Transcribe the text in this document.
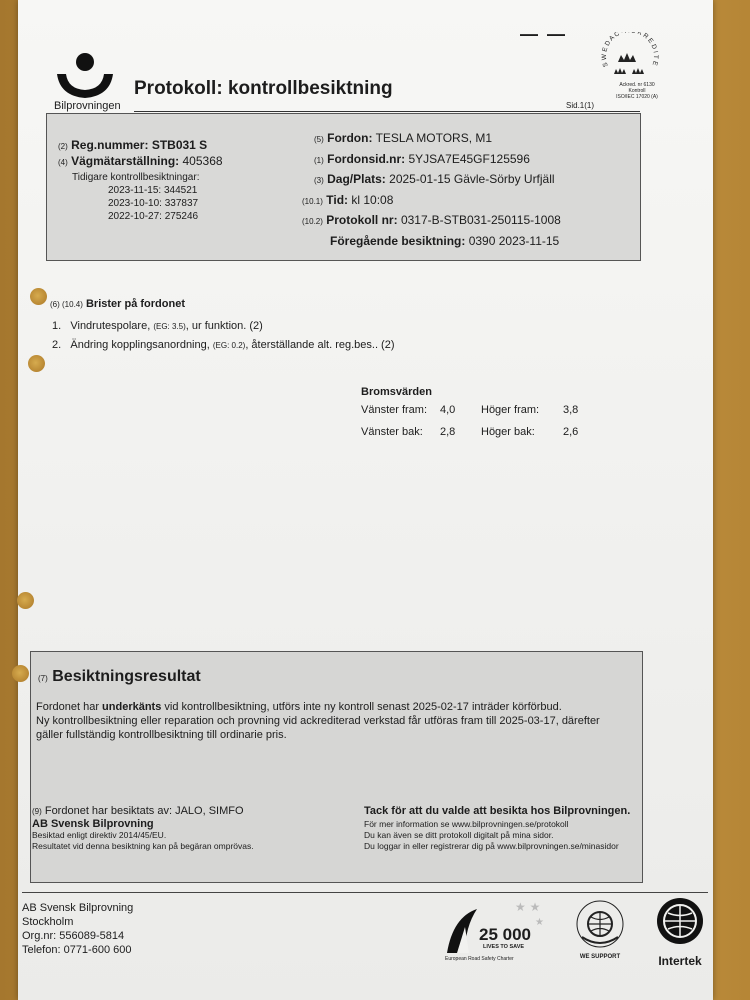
Bilprovningen
Protokoll: kontrollbesiktning
Sid.1(1)
— —
S W E D A C · K R E D I T E
Ackred. nr 6130
Kontroll
ISO/IEC 17020 (A)
(2) Reg.nummer: STB031 S
(4) Vägmätarställning: 405368
Tidigare kontrollbesiktningar:
2023-11-15: 344521
2023-10-10: 337837
2022-10-27: 275246
(5) Fordon: TESLA MOTORS, M1
(1) Fordonsid.nr: 5YJSA7E45GF125596
(3) Dag/Plats: 2025-01-15 Gävle-Sörby Urfjäll
(10.1) Tid: kl 10:08
(10.2) Protokoll nr: 0317-B-STB031-250115-1008
Föregående besiktning: 0390 2023-11-15
(6) (10.4) Brister på fordonet
1. Vindrutespolare, (EG: 3.5), ur funktion. (2)
2. Ändring kopplingsanordning, (EG: 0.2), återställande alt. reg.bes.. (2)
Bromsvärden
Vänster fram: 4,0 Höger fram: 3,8
Vänster bak: 2,8 Höger bak:	2,6
(7) Besiktningsresultat
Fordonet har underkänts vid kontrollbesiktning, utförs inte ny kontroll senast 2025-02-17 inträder körförbud.
Ny kontrollbesiktning eller reparation och provning vid ackrediterad verkstad får utföras fram till 2025-03-17, därefter
gäller fullständig kontrollbesiktning till ordinarie pris.
(9) Fordonet har besiktats av: JALO, SIMFO
AB Svensk Bilprovning
Besiktad enligt direktiv 2014/45/EU.
Resultatet vid denna besiktning kan på begäran omprövas.
Tack för att du valde att besikta hos Bilprovningen.
För mer information se www.bilprovningen.se/protokoll
Du kan även se ditt protokoll digitalt på mina sidor.
Du loggar in eller registrerar dig på www.bilprovningen.se/minasidor
AB Svensk Bilprovning
Stockholm
Org.nr: 556089-5814
Telefon: 0771-600 600
★ ★
★
25 000
LIVES TO SAVE
European Road Safety Charter	WE SUPPORT	Intertek
